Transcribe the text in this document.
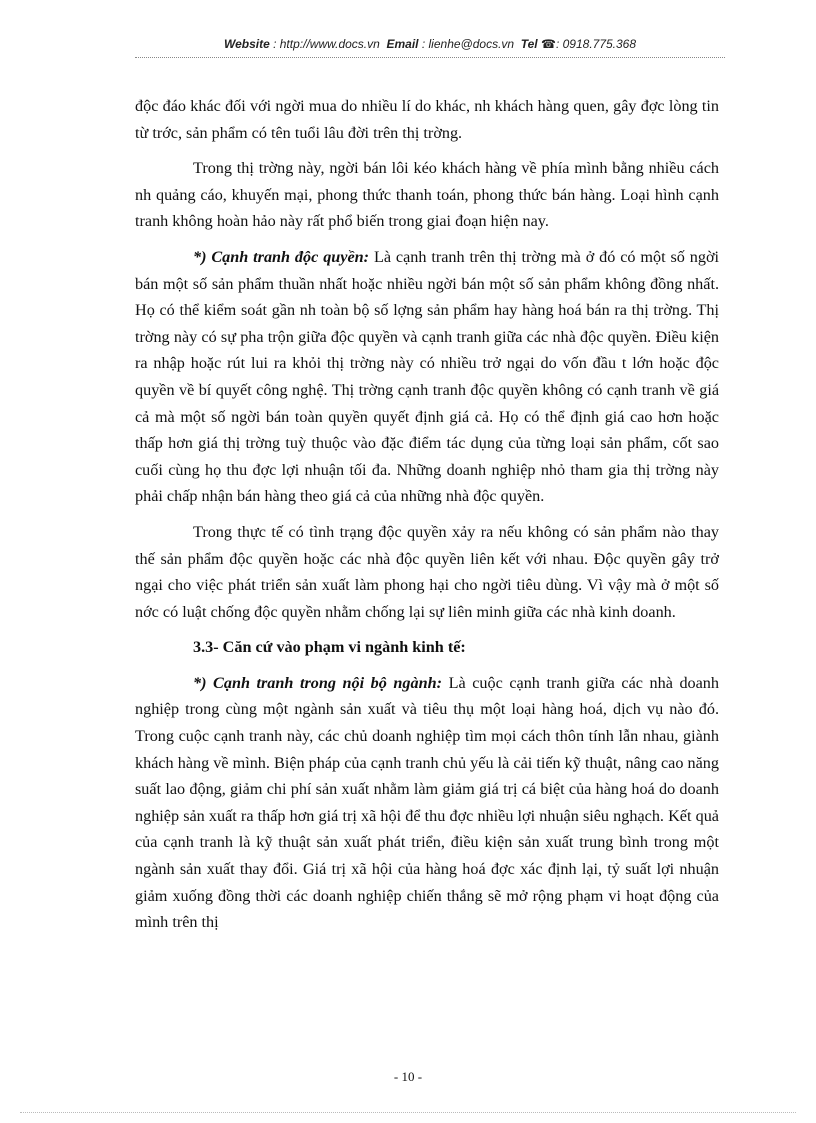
Website : http://www.docs.vn Email : lienhe@docs.vn Tel ☎: 0918.775.368

độc đáo khác đối với ngời mua do nhiều lí do khác, nh khách hàng quen, gây đợc lòng tin từ trớc, sản phẩm có tên tuổi lâu đời trên thị trờng.

Trong thị trờng này, ngời bán lôi kéo khách hàng về phía mình bằng nhiều cách nh quảng cáo, khuyến mại, phong thức thanh toán, phong thức bán hàng. Loại hình cạnh tranh không hoàn hảo này rất phổ biến trong giai đoạn hiện nay.

*) Cạnh tranh độc quyền: Là cạnh tranh trên thị trờng mà ở đó có một số ngời bán một số sản phẩm thuần nhất hoặc nhiều ngời bán một số sản phẩm không đồng nhất. Họ có thể kiểm soát gần nh toàn bộ số lợng sản phẩm hay hàng hoá bán ra thị trờng. Thị trờng này có sự pha trộn giữa độc quyền và cạnh tranh giữa các nhà độc quyền. Điều kiện ra nhập hoặc rút lui ra khỏi thị trờng này có nhiều trở ngại do vốn đầu t lớn hoặc độc quyền về bí quyết công nghệ. Thị trờng cạnh tranh độc quyền không có cạnh tranh về giá cả mà một số ngời bán toàn quyền quyết định giá cả. Họ có thể định giá cao hơn hoặc thấp hơn giá thị trờng tuỳ thuộc vào đặc điểm tác dụng của từng loại sản phẩm, cốt sao cuối cùng họ thu đợc lợi nhuận tối đa. Những doanh nghiệp nhỏ tham gia thị trờng này phải chấp nhận bán hàng theo giá cả của những nhà độc quyền.

Trong thực tế có tình trạng độc quyền xảy ra nếu không có sản phẩm nào thay thế sản phẩm độc quyền hoặc các nhà độc quyền liên kết với nhau. Độc quyền gây trở ngại cho việc phát triển sản xuất làm phong hại cho ngời tiêu dùng. Vì vậy mà ở một số nớc có luật chống độc quyền nhằm chống lại sự liên minh giữa các nhà kinh doanh.

3.3- Căn cứ vào phạm vi ngành kinh tế:

*) Cạnh tranh trong nội bộ ngành: Là cuộc cạnh tranh giữa các nhà doanh nghiệp trong cùng một ngành sản xuất và tiêu thụ một loại hàng hoá, dịch vụ nào đó. Trong cuộc cạnh tranh này, các chủ doanh nghiệp tìm mọi cách thôn tính lẫn nhau, giành khách hàng về mình. Biện pháp của cạnh tranh chủ yếu là cải tiến kỹ thuật, nâng cao năng suất lao động, giảm chi phí sản xuất nhằm làm giảm giá trị cá biệt của hàng hoá do doanh nghiệp sản xuất ra thấp hơn giá trị xã hội để thu đợc nhiều lợi nhuận siêu nghạch. Kết quả của cạnh tranh là kỹ thuật sản xuất phát triển, điều kiện sản xuất trung bình trong một ngành sản xuất thay đổi. Giá trị xã hội của hàng hoá đợc xác định lại, tỷ suất lợi nhuận giảm xuống đồng thời các doanh nghiệp chiến thắng sẽ mở rộng phạm vi hoạt động của mình trên thị

- 10 -
